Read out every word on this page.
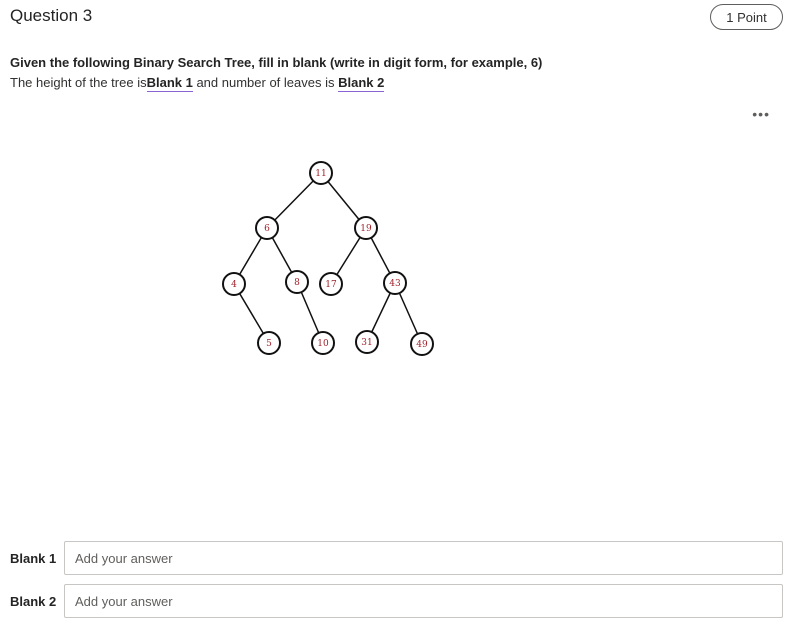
Question 3	1 Point
Given the following Binary Search Tree, fill in blank (write in digit form, for example, 6)
The height of the tree isBlank 1 and number of leaves is Blank 2
•••
11
6	19
4	8	17	43
5	10	31	49
Blank 1
Add your answer
Blank 2
Add your answer
